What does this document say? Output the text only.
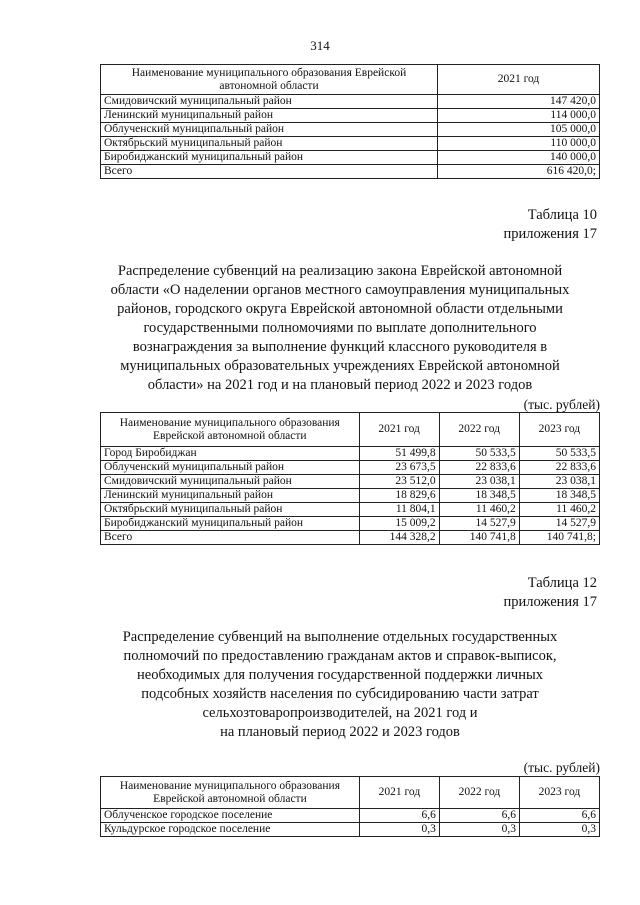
314
Наименование муниципального образования Еврейской автономной области	2021 год
Смидовичский муниципальный район	147 420,0
Ленинский муниципальный район	114 000,0
Облученский муниципальный район	105 000,0
Октябрьский муниципальный район	110 000,0
Биробиджанский муниципальный район	140 000,0
Всего	616 420,0;
Таблица 10
приложения 17
Распределение субвенций на реализацию закона Еврейской автономной области «О наделении органов местного самоуправления муниципальных районов, городского округа Еврейской автономной области отдельными государственными полномочиями по выплате дополнительного вознаграждения за выполнение функций классного руководителя в муниципальных образовательных учреждениях Еврейской автономной области» на 2021 год и на плановый период 2022 и 2023 годов
(тыс. рублей)
Наименование муниципального образования Еврейской автономной области	2021 год	2022 год	2023 год
Город Биробиджан	51 499,8	50 533,5	50 533,5
Облученский муниципальный район	23 673,5	22 833,6	22 833,6
Смидовичский муниципальный район	23 512,0	23 038,1	23 038,1
Ленинский муниципальный район	18 829,6	18 348,5	18 348,5
Октябрьский муниципальный район	11 804,1	11 460,2	11 460,2
Биробиджанский муниципальный район	15 009,2	14 527,9	14 527,9
Всего	144 328,2	140 741,8	140 741,8;
Таблица 12
приложения 17
Распределение субвенций на выполнение отдельных государственных
полномочий по предоставлению гражданам актов и справок-выписок,
необходимых для получения государственной поддержки личных
подсобных хозяйств населения по субсидированию части затрат
сельхозтоваропроизводителей, на 2021 год и
на плановый период 2022 и 2023 годов
(тыс. рублей)
Наименование муниципального образования Еврейской автономной области	2021 год	2022 год	2023 год
Облученское городское поселение	6,6	6,6	6,6
Кульдурское городское поселение	0,3	0,3	0,3
